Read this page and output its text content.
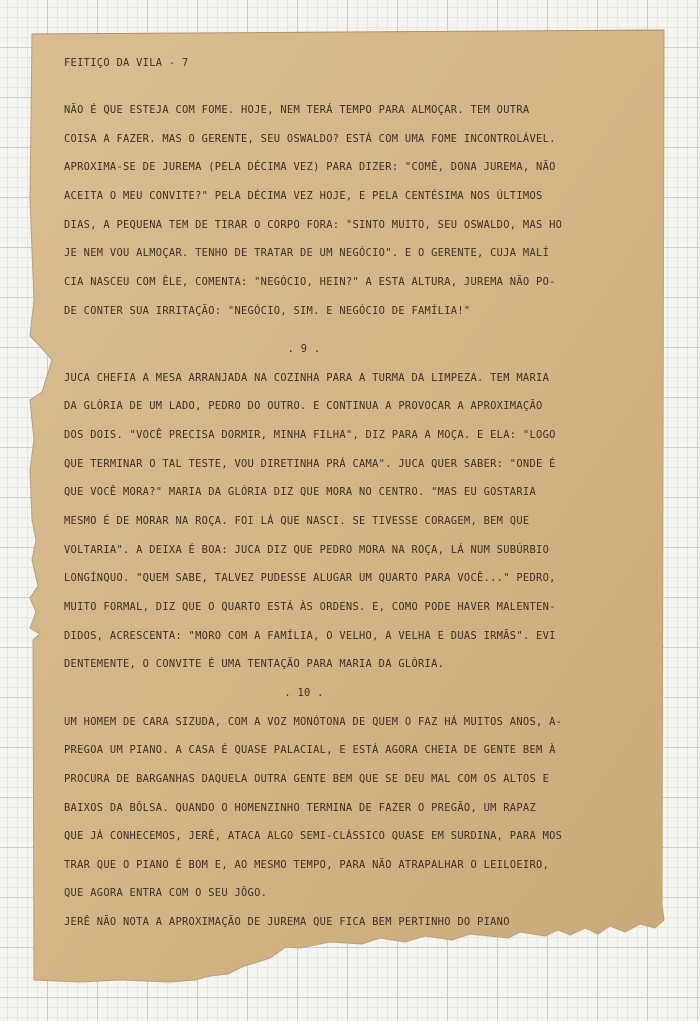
FEITIÇO DA VILA - 7
NÃO É QUE ESTEJA COM FOME. HOJE, NEM TERÁ TEMPO PARA ALMOÇAR. TEM OUTRA
COISA A FAZER. MAS O GERENTE, SEU OSWALDO? ESTÁ COM UMA FOME INCONTROLÁVEL.
APROXIMA-SE DE JUREMA (PELA DÉCIMA VEZ) PARA DIZER: "COMÊ, DONA JUREMA, NÃO
ACEITA O MEU CONVITE?" PELA DÉCIMA VEZ HOJE, E PELA CENTÉSIMA NOS ÚLTIMOS
DIAS, A PEQUENA TEM DE TIRAR O CORPO FORA: "SINTO MUITO, SEU OSWALDO, MAS HO
JE NEM VOU ALMOÇAR. TENHO DE TRATAR DE UM NEGÓCIO". E O GERENTE, CUJA MALÍ
CIA NASCEU COM ÊLE, COMENTA: "NEGÓCIO, HEIN?" A ESTA ALTURA, JUREMA NÃO PO-
DE CONTER SUA IRRITAÇÃO: "NEGÓCIO, SIM. E NEGÓCIO DE FAMÍLIA!"
. 9 .
JUCA CHEFIA A MESA ARRANJADA NA COZINHA PARA A TURMA DA LIMPEZA. TEM MARIA
DA GLÓRIA DE UM LADO, PEDRO DO OUTRO. E CONTINUA A PROVOCAR A APROXIMAÇÃO
DOS DOIS. "VOCÊ PRECISA DORMIR, MINHA FILHA", DIZ PARA A MOÇA. E ELA: "LOGO
QUE TERMINAR O TAL TESTE, VOU DIRETINHA PRÁ CAMA". JUCA QUER SABER: "ONDE É
QUE VOCÊ MORA?" MARIA DA GLÓRIA DIZ QUE MORA NO CENTRO. "MAS EU GOSTARIA
MESMO É DE MORAR NA ROÇA. FOI LÁ QUE NASCI. SE TIVESSE CORAGEM, BEM QUE
VOLTARIA". A DEIXA É BOA: JUCA DIZ QUE PEDRO MORA NA ROÇA, LÁ NUM SUBÚRBIO
LONGÍNQUO. "QUEM SABE, TALVEZ PUDESSE ALUGAR UM QUARTO PARA VOCÊ..." PEDRO,
MUITO FORMAL, DIZ QUE O QUARTO ESTÁ ÀS ORDENS. E, COMO PODE HAVER MALENTEN-
DIDOS, ACRESCENTA: "MORO COM A FAMÍLIA, O VELHO, A VELHA E DUAS IRMÃS". EVI
DENTEMENTE, O CONVITE É UMA TENTAÇÃO PARA MARIA DA GLÓRIA.
. 10 .
UM HOMEM DE CARA SIZUDA, COM A VOZ MONÓTONA DE QUEM O FAZ HÁ MUITOS ANOS, A-
PREGOA UM PIANO. A CASA É QUASE PALACIAL, E ESTÁ AGORA CHEIA DE GENTE BEM À
PROCURA DE BARGANHAS DAQUELA OUTRA GENTE BEM QUE SE DEU MAL COM OS ALTOS E
BAIXOS DA BÔLSA. QUANDO O HOMENZINHO TERMINA DE FAZER O PREGÃO, UM RAPAZ
QUE JÁ CONHECEMOS, JERÊ, ATACA ALGO SEMI-CLÁSSICO QUASE EM SURDINA, PARA MOS
TRAR QUE O PIANO É BOM E, AO MESMO TEMPO, PARA NÃO ATRAPALHAR O LEILOEIRO,
QUE AGORA ENTRA COM O SEU JÔGO.
JERÊ NÃO NOTA A APROXIMAÇÃO DE JUREMA QUE FICA BEM PERTINHO DO PIANO
